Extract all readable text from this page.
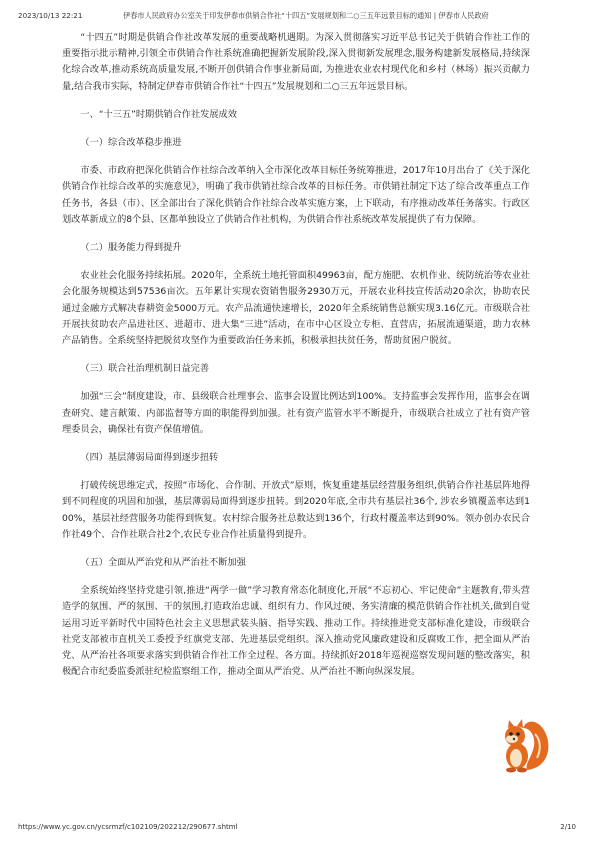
2023/10/13 22:21	伊春市人民政府办公室关于印发伊春市供销合作社“十四五”发展规划和二○三五年远景目标的通知 | 伊春市人民政府

“十四五”时期是供销合作社改革发展的重要战略机遇期。为深入贯彻落实习近平总书记关于供销合作社工作的重要指示批示精神,引领全市供销合作社系统准确把握新发展阶段,深入贯彻新发展理念,服务构建新发展格局,持续深化综合改革,推动系统高质量发展,不断开创供销合作事业新局面, 为推进农业农村现代化和乡村（林场）振兴贡献力量,结合我市实际，特制定伊春市供销合作社“十四五”发展规划和二○三五年远景目标。

一、“十三五”时期供销合作社发展成效

（一）综合改革稳步推进

市委、市政府把深化供销合作社综合改革纳入全市深化改革目标任务统筹推进，2017年10月出台了《关于深化供销合作社综合改革的实施意见》，明确了我市供销社综合改革的目标任务。市供销社制定下达了综合改革重点工作任务书，各县（市）、区全部出台了深化供销合作社综合改革实施方案，上下联动，有序推动改革任务落实。行政区划改革新成立的8个县、区都单独设立了供销合作社机构，为供销合作社系统改革发展提供了有力保障。

（二）服务能力得到提升

农业社会化服务持续拓展。2020年，全系统土地托管面积49963亩，配方施肥、农机作业、统防统治等农业社会化服务规模达到57536亩次。五年累计实现农资销售服务2930万元，开展农业科技宣传活动20余次，协助农民通过金融方式解决春耕资金5000万元。农产品流通快速增长，2020年全系统销售总额实现3.16亿元。市级联合社开展扶贫助农产品进社区、进超市、进大集“三进”活动，在市中心区设立专柜、直营店，拓展流通渠道，助力农林产品销售。全系统坚持把脱贫攻坚作为重要政治任务来抓，积极承担扶贫任务，帮助贫困户脱贫。

（三）联合社治理机制日益完善

加强“三会”制度建设，市、县级联合社理事会、监事会设置比例达到100%。支持监事会发挥作用，监事会在调查研究、建言献策、内部监督等方面的职能得到加强。社有资产监管水平不断提升，市级联合社成立了社有资产管理委员会，确保社有资产保值增值。

（四）基层薄弱局面得到逐步扭转

打破传统思维定式，按照“市场化、合作制、开放式”原则，恢复重建基层经营服务组织,供销合作社基层阵地得到不同程度的巩固和加强，基层薄弱局面得到逐步扭转。到2020年底,全市共有基层社36个, 涉农乡镇覆盖率达到100%，基层社经营服务功能得到恢复。农村综合服务社总数达到136个，行政村覆盖率达到90%。领办创办农民合作社49个、合作社联合社2个,农民专业合作社质量得到提升。

（五）全面从严治党和从严治社不断加强

全系统始终坚持党建引领,推进“两学一做”学习教育常态化制度化,开展“不忘初心、牢记使命”主题教育,带头营造学的氛围、严的氛围、干的氛围,打造政治忠诚、组织有力、作风过硬、务实清廉的模范供销合作社机关,做到自觉运用习近平新时代中国特色社会主义思想武装头脑、指导实践、推动工作。持续推进党支部标准化建设，市级联合社党支部被市直机关工委授予红旗党支部、先进基层党组织。深入推动党风廉政建设和反腐败工作，把全面从严治党、从严治社各项要求落实到供销合作社工作全过程、各方面。持续抓好2018年巡视巡察发现问题的整改落实，积极配合市纪委监委派驻纪检监察组工作，推动全面从严治党、从严治社不断向纵深发展。

https://www.yc.gov.cn/ycsrmzf/c102109/202212/290677.shtml	2/10
